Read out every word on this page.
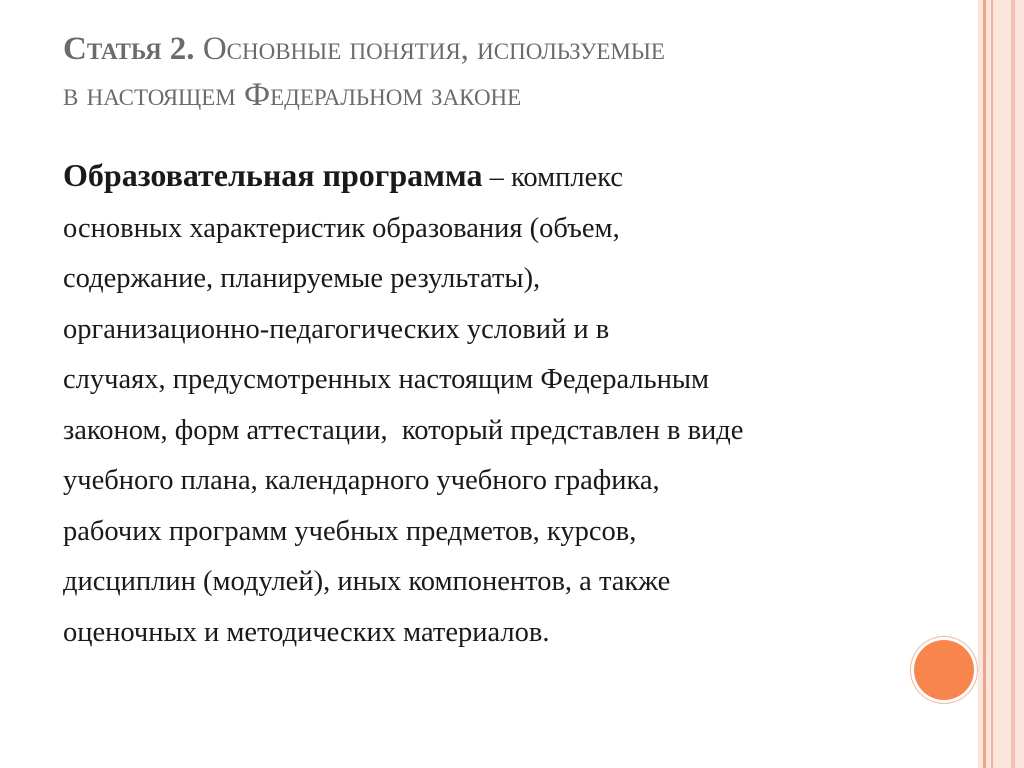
Статья 2. Основные понятия, используемые
в настоящем Федеральном законе
Образовательная программа – комплекс
основных характеристик образования (объем,
содержание, планируемые результаты),
организационно-педагогических условий и в
случаях, предусмотренных настоящим Федеральным
законом, форм аттестации,  который представлен в виде
учебного плана, календарного учебного графика,
рабочих программ учебных предметов, курсов,
дисциплин (модулей), иных компонентов, а также
оценочных и методических материалов.
